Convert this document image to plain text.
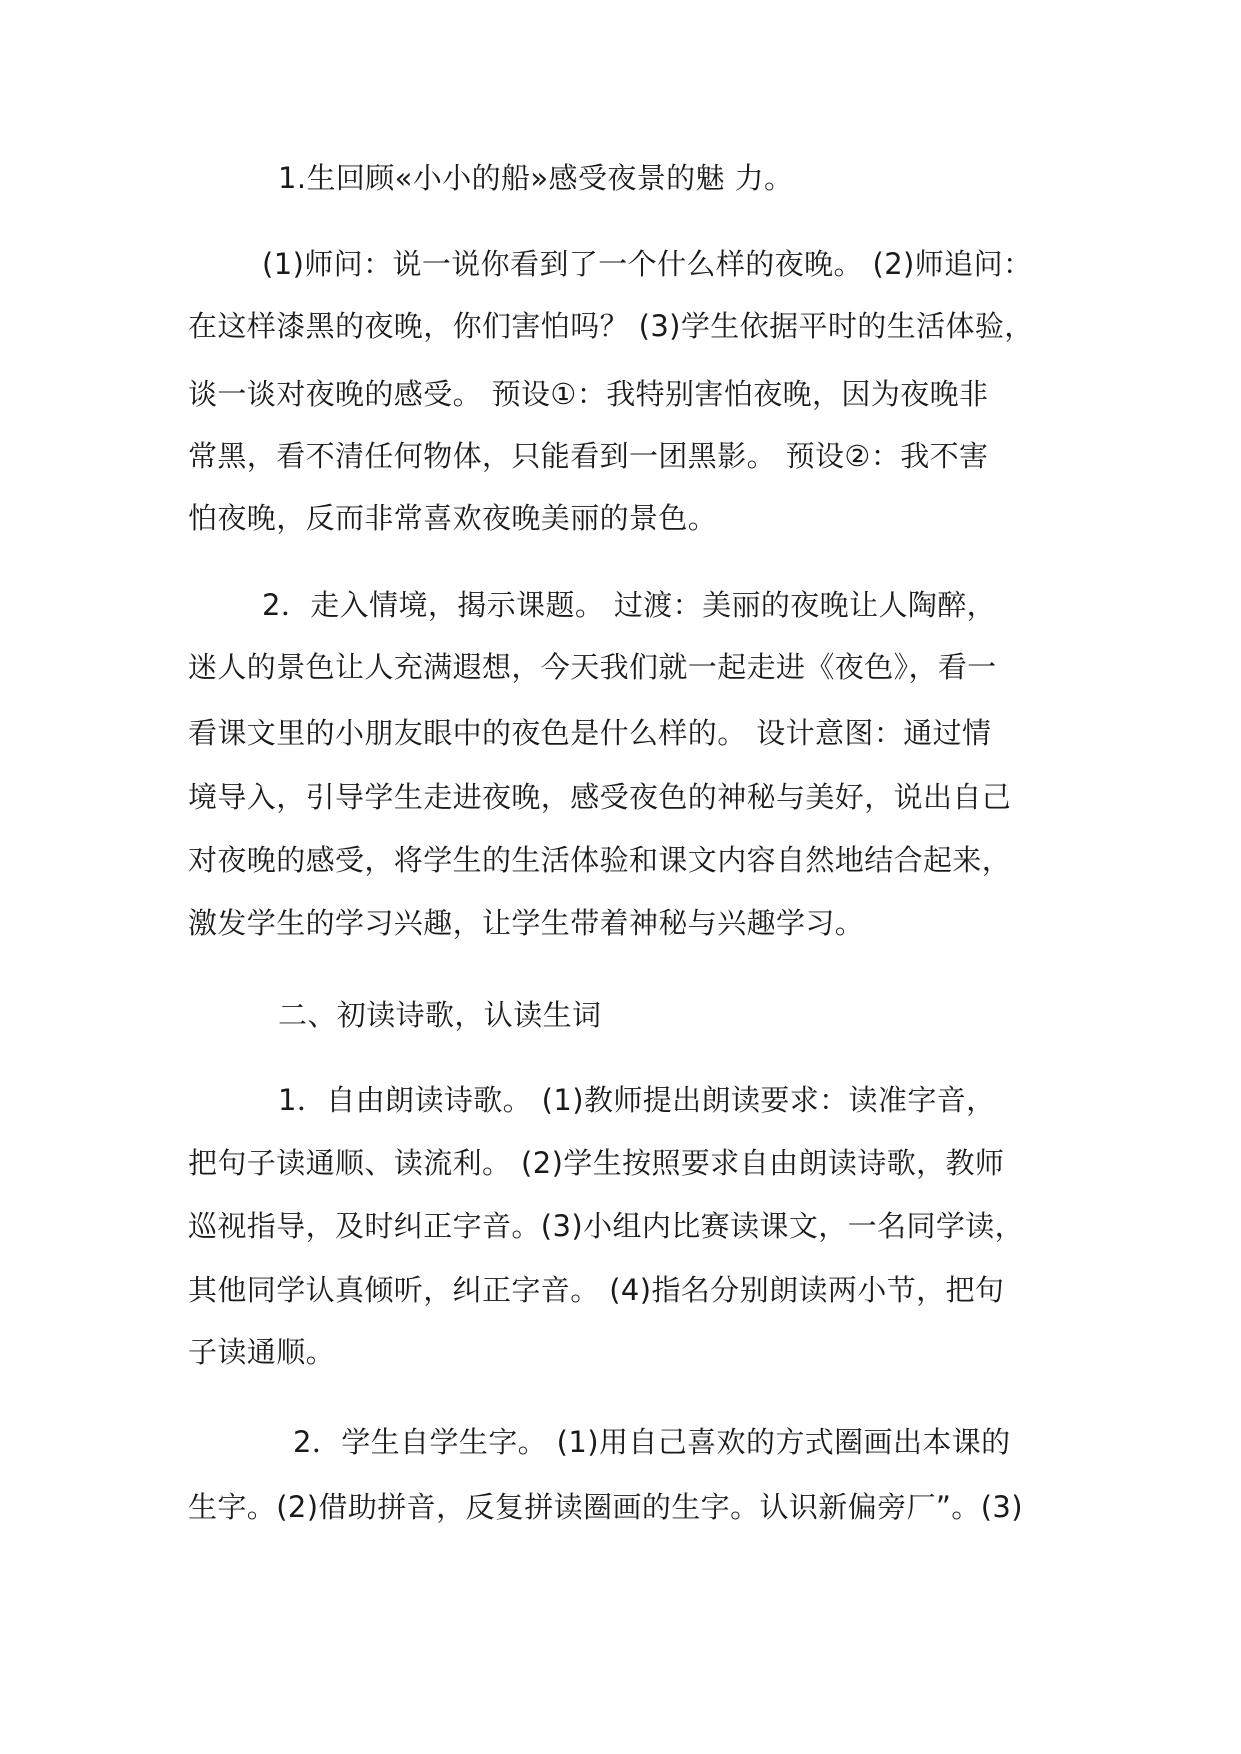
1.生回顾«小小的船»感受夜景的魅 力。
(1)师问：说一说你看到了一个什么样的夜晚。 (2)师追问：
在这样漆黑的夜晚，你们害怕吗？ (3)学生依据平时的生活体验，
谈一谈对夜晚的感受。 预设①：我特别害怕夜晚，因为夜晚非
常黑，看不清任何物体，只能看到一团黑影。 预设②：我不害
怕夜晚，反而非常喜欢夜晚美丽的景色。
2．走入情境，揭示课题。 过渡：美丽的夜晚让人陶醉，
迷人的景色让人充满遐想，今天我们就一起走进《夜色》，看一
看课文里的小朋友眼中的夜色是什么样的。 设计意图：通过情
境导入，引导学生走进夜晚，感受夜色的神秘与美好，说出自己
对夜晚的感受，将学生的生活体验和课文内容自然地结合起来，
激发学生的学习兴趣，让学生带着神秘与兴趣学习。
二、初读诗歌，认读生词
1．自由朗读诗歌。 (1)教师提出朗读要求：读准字音，
把句子读通顺、读流利。 (2)学生按照要求自由朗读诗歌，教师
巡视指导，及时纠正字音。(3)小组内比赛读课文，一名同学读，
其他同学认真倾听，纠正字音。 (4)指名分别朗读两小节，把句
子读通顺。
2．学生自学生字。 (1)用自己喜欢的方式圈画出本课的
生字。(2)借助拼音，反复拼读圈画的生字。认识新偏旁厂”。(3)
